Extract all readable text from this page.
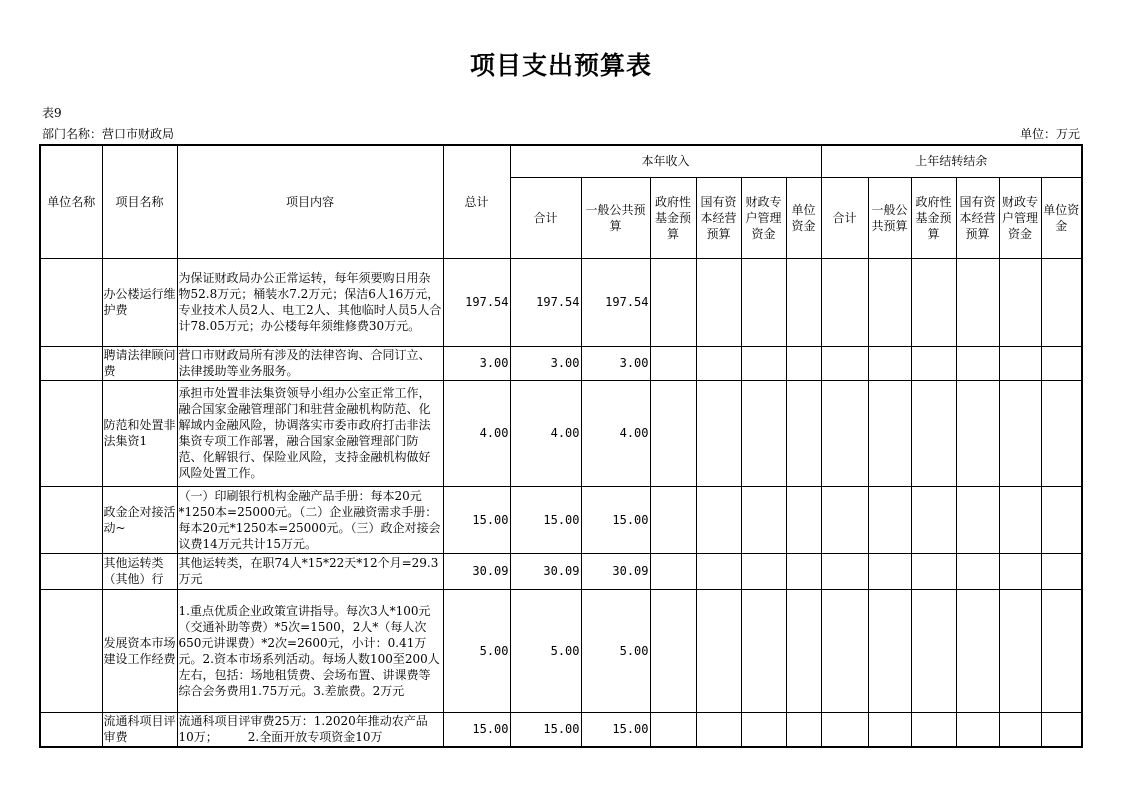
项目支出预算表
表9
部门名称：营口市财政局	单位：万元
单位名称	项目名称	项目内容	总计	本年收入						上年结转结余					
				合计	一般公共预算	政府性基金预算	国有资本经营预算	财政专户管理资金	单位资金	合计	一般公共预算	政府性基金预算	国有资本经营预算	财政专户管理资金	单位资金
	办公楼运行维护费	为保证财政局办公正常运转，每年须要购日用杂物52.8万元；桶装水7.2万元；保洁6人16万元，专业技术人员2人、电工2人、其他临时人员5人合计78.05万元；办公楼每年须维修费30万元。	197.54	197.54	197.54										
	聘请法律顾问费	营口市财政局所有涉及的法律咨询、合同订立、法律援助等业务服务。	3.00	3.00	3.00										
	防范和处置非法集资1	承担市处置非法集资领导小组办公室正常工作，融合国家金融管理部门和驻营金融机构防范、化解域内金融风险，协调落实市委市政府打击非法集资专项工作部署，融合国家金融管理部门防范、化解银行、保险业风险，支持金融机构做好风险处置工作。	4.00	4.00	4.00										
	政金企对接活动~	（一）印刷银行机构金融产品手册：每本20元*1250本=25000元。（二）企业融资需求手册：每本20元*1250本=25000元。（三）政企对接会议费14万元共计15万元。	15.00	15.00	15.00										
	其他运转类（其他）行	其他运转类，在职74人*15*22天*12个月=29.3万元	30.09	30.09	30.09										
	发展资本市场建设工作经费	1.重点优质企业政策宣讲指导。每次3人*100元（交通补助等费）*5次=1500，2人*（每人次650元讲课费）*2次=2600元，小计：0.41万元。2.资本市场系列活动。每场人数100至200人左右，包括：场地租赁费、会场布置、讲课费等综合会务费用1.75万元。3.差旅费。2万元	5.00	5.00	5.00										
	流通科项目评审费	流通科项目评审费25万：1.2020年推动农产品10万；　　　2.全面开放专项资金10万	15.00	15.00	15.00										
